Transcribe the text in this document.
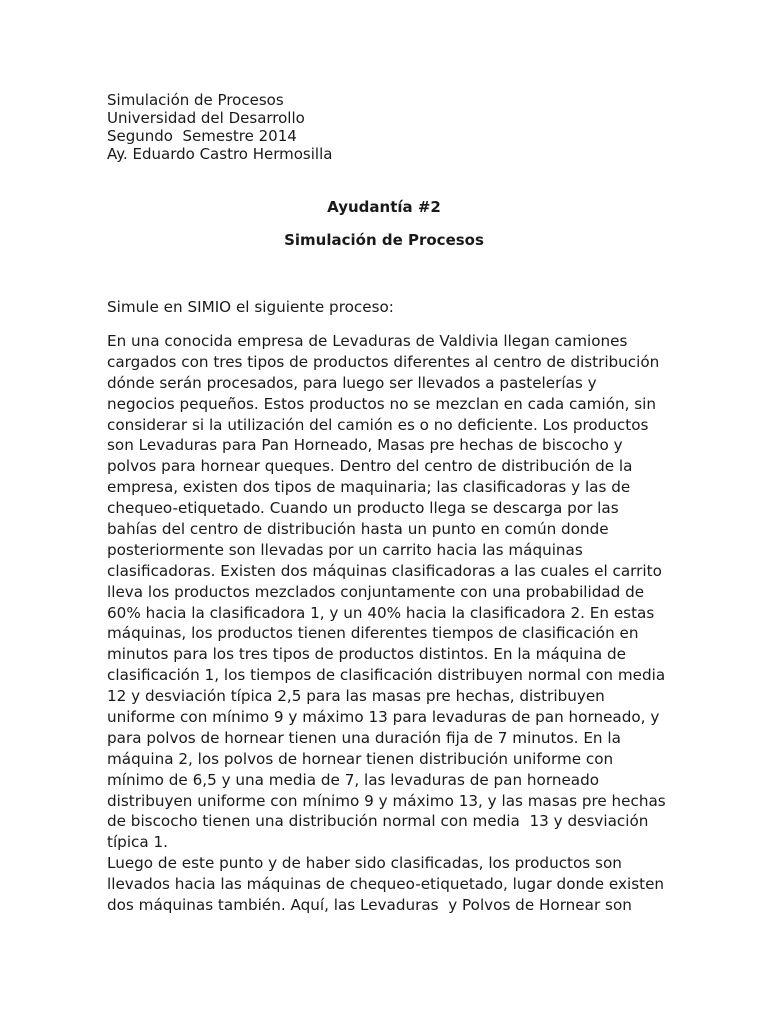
Simulación de Procesos
Universidad del Desarrollo
Segundo  Semestre 2014
Ay. Eduardo Castro Hermosilla
Ayudantía #2
Simulación de Procesos
Simule en SIMIO el siguiente proceso:
En una conocida empresa de Levaduras de Valdivia llegan camiones
cargados con tres tipos de productos diferentes al centro de distribución
dónde serán procesados, para luego ser llevados a pastelerías y
negocios pequeños. Estos productos no se mezclan en cada camión, sin
considerar si la utilización del camión es o no deficiente. Los productos
son Levaduras para Pan Horneado, Masas pre hechas de biscocho y
polvos para hornear queques. Dentro del centro de distribución de la
empresa, existen dos tipos de maquinaria; las clasificadoras y las de
chequeo-etiquetado. Cuando un producto llega se descarga por las
bahías del centro de distribución hasta un punto en común donde
posteriormente son llevadas por un carrito hacia las máquinas
clasificadoras. Existen dos máquinas clasificadoras a las cuales el carrito
lleva los productos mezclados conjuntamente con una probabilidad de
60% hacia la clasificadora 1, y un 40% hacia la clasificadora 2. En estas
máquinas, los productos tienen diferentes tiempos de clasificación en
minutos para los tres tipos de productos distintos. En la máquina de
clasificación 1, los tiempos de clasificación distribuyen normal con media
12 y desviación típica 2,5 para las masas pre hechas, distribuyen
uniforme con mínimo 9 y máximo 13 para levaduras de pan horneado, y
para polvos de hornear tienen una duración fija de 7 minutos. En la
máquina 2, los polvos de hornear tienen distribución uniforme con
mínimo de 6,5 y una media de 7, las levaduras de pan horneado
distribuyen uniforme con mínimo 9 y máximo 13, y las masas pre hechas
de biscocho tienen una distribución normal con media  13 y desviación
típica 1.
Luego de este punto y de haber sido clasificadas, los productos son
llevados hacia las máquinas de chequeo-etiquetado, lugar donde existen
dos máquinas también. Aquí, las Levaduras  y Polvos de Hornear son
